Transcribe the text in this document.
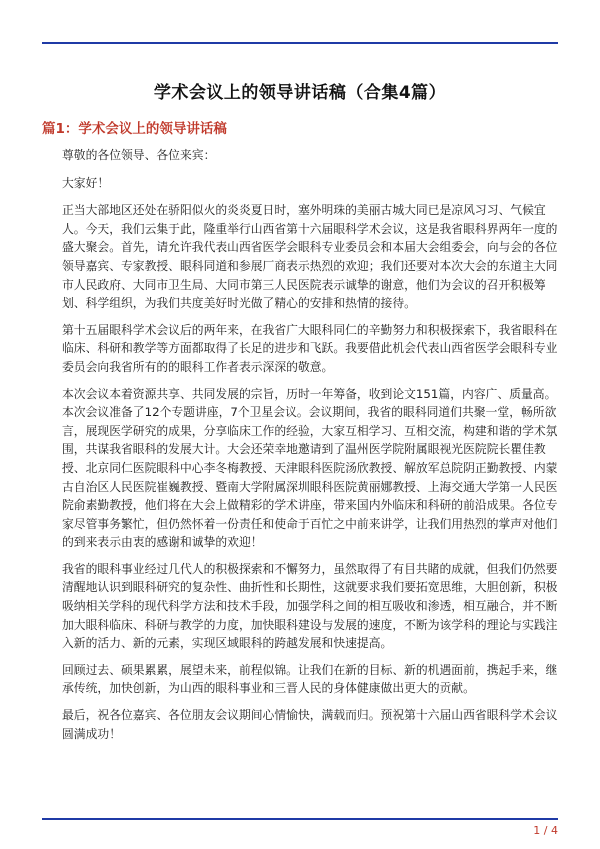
学术会议上的领导讲话稿（合集4篇）
篇1：学术会议上的领导讲话稿

尊敬的各位领导、各位来宾：

大家好！

正当大部地区还处在骄阳似火的炎炎夏日时，塞外明珠的美丽古城大同已是凉风习习、气候宜人。今天，我们云集于此，隆重举行山西省第十六届眼科学术会议，这是我省眼科界两年一度的盛大聚会。首先，请允许我代表山西省医学会眼科专业委员会和本届大会组委会，向与会的各位领导嘉宾、专家教授、眼科同道和参展厂商表示热烈的欢迎；我们还要对本次大会的东道主大同市人民政府、大同市卫生局、大同市第三人民医院表示诚挚的谢意，他们为会议的召开积极筹划、科学组织，为我们共度美好时光做了精心的安排和热情的接待。

第十五届眼科学术会议后的两年来，在我省广大眼科同仁的辛勤努力和积极探索下，我省眼科在临床、科研和教学等方面都取得了长足的进步和飞跃。我要借此机会代表山西省医学会眼科专业委员会向我省所有的的眼科工作者表示深深的敬意。

本次会议本着资源共享、共同发展的宗旨，历时一年筹备，收到论文151篇，内容广、质量高。本次会议准备了12个专题讲座，7个卫星会议。会议期间，我省的眼科同道们共聚一堂，畅所欲言，展现医学研究的成果，分享临床工作的经验，大家互相学习、互相交流，构建和谐的学术氛围，共谋我省眼科的发展大计。大会还荣幸地邀请到了温州医学院附属眼视光医院院长瞿佳教授、北京同仁医院眼科中心李冬梅教授、天津眼科医院汤欣教授、解放军总院阴正勤教授、内蒙古自治区人民医院崔巍教授、暨南大学附属深圳眼科医院黄丽娜教授、上海交通大学第一人民医院俞素勤教授，他们将在大会上做精彩的学术讲座，带来国内外临床和科研的前沿成果。各位专家尽管事务繁忙，但仍然怀着一份责任和使命于百忙之中前来讲学，让我们用热烈的掌声对他们的到来表示由衷的感谢和诚挚的欢迎！

我省的眼科事业经过几代人的积极探索和不懈努力，虽然取得了有目共睹的成就，但我们仍然要清醒地认识到眼科研究的复杂性、曲折性和长期性，这就要求我们要拓宽思维，大胆创新，积极吸纳相关学科的现代科学方法和技术手段，加强学科之间的相互吸收和渗透，相互融合，并不断加大眼科临床、科研与教学的力度，加快眼科建设与发展的速度，不断为该学科的理论与实践注入新的活力、新的元素，实现区域眼科的跨越发展和快速提高。

回顾过去、硕果累累，展望未来，前程似锦。让我们在新的目标、新的机遇面前，携起手来，继承传统，加快创新，为山西的眼科事业和三晋人民的身体健康做出更大的贡献。

最后，祝各位嘉宾、各位朋友会议期间心情愉快，满载而归。预祝第十六届山西省眼科学术会议圆满成功！

1 / 4
